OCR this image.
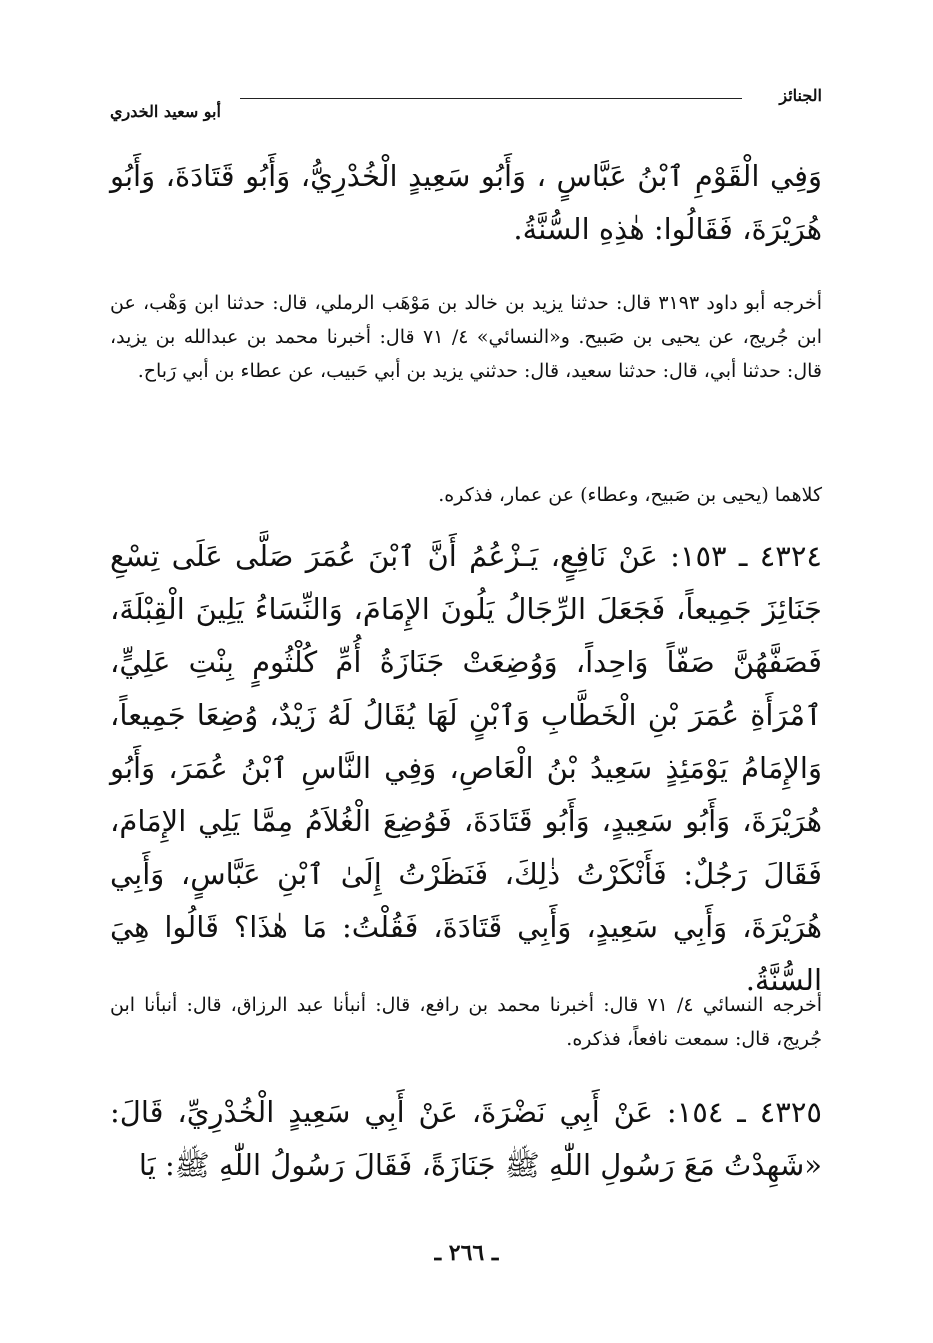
الجنائز
أبو سعيد الخدري
وَفِي الْقَوْمِ ٱبْنُ عَبَّاسٍ ، وَأَبُو سَعِيدٍ الْخُدْرِيُّ، وَأَبُو قَتَادَةَ، وَأَبُو هُرَيْرَةَ، فَقَالُوا: هٰذِهِ السُّنَّةُ.
أخرجه أبو داود ٣١٩٣ قال: حدثنا يزيد بن خالد بن مَوْهَب الرملي، قال: حدثنا ابن وَهْب، عن ابن جُريج، عن يحيى بن صَبيح. و«النسائي» ٤/ ٧١ قال: أخبرنا محمد بن عبدالله بن يزيد، قال: حدثنا أبي، قال: حدثنا سعيد، قال: حدثني يزيد بن أبي حَبيب، عن عطاء بن أبي رَباح.
كلاهما (يحيى بن صَبيح، وعطاء) عن عمار، فذكره.
٤٣٢٤ ـ ١٥٣: عَنْ نَافِعٍ، يَـزْعُمُ أَنَّ ٱبْنَ عُمَرَ صَلَّى عَلَى تِسْعِ جَنَائِزَ جَمِيعاً، فَجَعَلَ الرِّجَالُ يَلُونَ الإِمَامَ، وَالنِّسَاءُ يَلِينَ الْقِبْلَةَ، فَصَفَّهُنَّ صَفّاً وَاحِداً، وَوُضِعَتْ جَنَازَةُ أُمِّ كُلْثُومٍ بِنْتِ عَلِيٍّ، ٱمْرَأَةِ عُمَرَ بْنِ الْخَطَّابِ وَٱبْنٍ لَهَا يُقَالُ لَهُ زَيْدٌ، وُضِعَا جَمِيعاً، وَالإِمَامُ يَوْمَئِذٍ سَعِيدُ بْنُ الْعَاصِ، وَفِي النَّاسِ ٱبْنُ عُمَرَ، وَأَبُو هُرَيْرَةَ، وَأَبُو سَعِيدٍ، وَأَبُو قَتَادَةَ، فَوُضِعَ الْغُلاَمُ مِمَّا يَلِي الإِمَامَ، فَقَالَ رَجُلٌ: فَأَنْكَرْتُ ذٰلِكَ، فَنَظَرْتُ إِلَىٰ ٱبْنِ عَبَّاسٍ، وَأَبِي هُرَيْرَةَ، وَأَبِي سَعِيدٍ، وَأَبِي قَتَادَةَ، فَقُلْتُ: مَا هٰذَا؟ قَالُوا هِيَ السُّنَّةُ.
أخرجه النسائي ٤/ ٧١ قال: أخبرنا محمد بن رافع، قال: أنبأنا عبد الرزاق، قال: أنبأنا ابن جُريج، قال: سمعت نافعاً، فذكره.
٤٣٢٥ ـ ١٥٤: عَنْ أَبِي نَضْرَةَ، عَنْ أَبِي سَعِيدٍ الْخُدْرِيِّ، قَالَ: «شَهِدْتُ مَعَ رَسُولِ اللّٰهِ ﷺ جَنَازَةً، فَقَالَ رَسُولُ اللّٰهِ ﷺ: يَا
ـ ٢٦٦ ـ
